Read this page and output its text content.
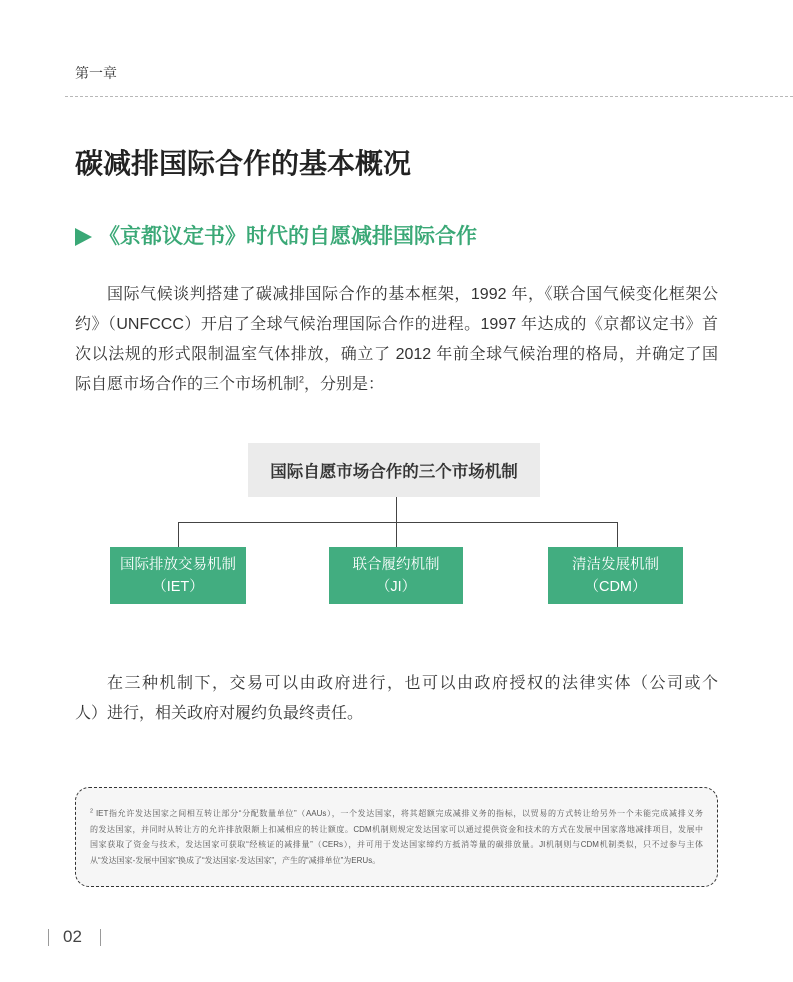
第一章
碳减排国际合作的基本概况
《京都议定书》时代的自愿减排国际合作
国际气候谈判搭建了碳减排国际合作的基本框架，1992 年，《联合国气候变化框架公
约》（UNFCCC）开启了全球气候治理国际合作的进程。1997 年达成的《京都议定书》首
次以法规的形式限制温室气体排放，确立了 2012 年前全球气候治理的格局，并确定了国
际自愿市场合作的三个市场机制$^2$，分别是：
国际自愿市场合作的三个市场机制
国际排放交易机制
（IET）
联合履约机制
（JI）
清洁发展机制
（CDM）
在三种机制下，交易可以由政府进行，也可以由政府授权的法律实体（公司或个
人）进行，相关政府对履约负最终责任。
$^2$ IET指允许发达国家之间相互转让部分“分配数量单位”（AAUs），一个发达国家，将其超额完成减排义务的指标，以贸易的方式转让给另外一个未能完成减排义务
的发达国家，并同时从转让方的允许排放限额上扣减相应的转让额度。CDM机制则规定发达国家可以通过提供资金和技术的方式在发展中国家落地减排项目，发展中
国家获取了资金与技术，发达国家可获取“经核证的减排量”（CERs），并可用于发达国家缔约方抵消等量的碳排放量。JI机制则与CDM机制类似，只不过参与主体
从“发达国家-发展中国家”换成了“发达国家-发达国家”，产生的“减排单位”为ERUs。
02
